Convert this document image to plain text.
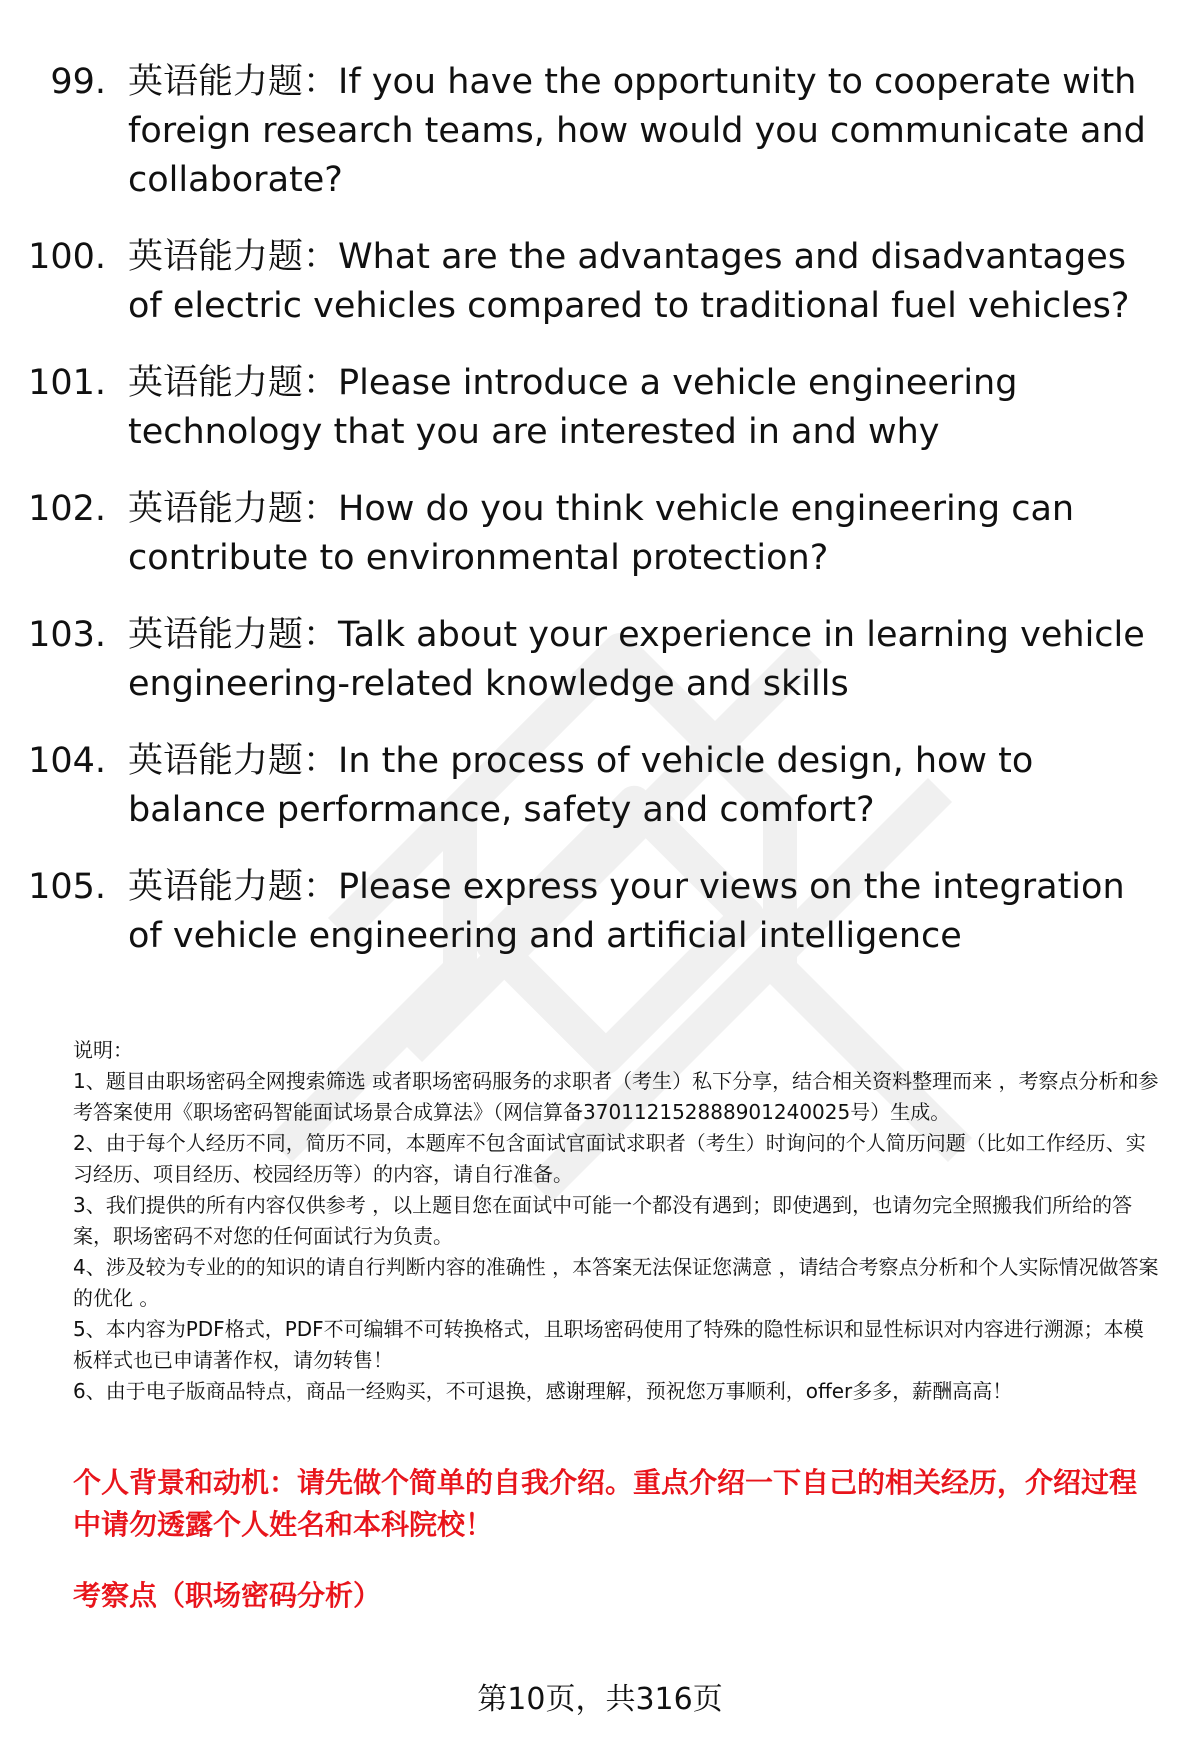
99. 英语能力题：If you have the opportunity to cooperate with foreign research teams, how would you communicate and collaborate?
100. 英语能力题：What are the advantages and disadvantages of electric vehicles compared to traditional fuel vehicles?
101. 英语能力题：Please introduce a vehicle engineering technology that you are interested in and why
102. 英语能力题：How do you think vehicle engineering can contribute to environmental protection?
103. 英语能力题：Talk about your experience in learning vehicle engineering-related knowledge and skills
104. 英语能力题：In the process of vehicle design, how to balance performance, safety and comfort?
105. 英语能力题：Please express your views on the integration of vehicle engineering and artificial intelligence

说明：

1、题目由职场密码全网搜索筛选 或者职场密码服务的求职者（考生）私下分享，结合相关资料整理而来 ，考察点分析和参考答案使用《职场密码智能面试场景合成算法》（网信算备370112152888901240025号）生成。

2、由于每个人经历不同，简历不同，本题库不包含面试官面试求职者（考生）时询问的个人简历问题（比如工作经历、实习经历、项目经历、校园经历等）的内容，请自行准备。

3、我们提供的所有内容仅供参考 ，以上题目您在面试中可能一个都没有遇到；即使遇到，也请勿完全照搬我们所给的答案，职场密码不对您的任何面试行为负责。

4、涉及较为专业的的知识的请自行判断内容的准确性 ，本答案无法保证您满意 ，请结合考察点分析和个人实际情况做答案的优化 。

5、本内容为PDF格式，PDF不可编辑不可转换格式，且职场密码使用了特殊的隐性标识和显性标识对内容进行溯源；本模板样式也已申请著作权，请勿转售！

6、由于电子版商品特点，商品一经购买，不可退换，感谢理解，预祝您万事顺利，offer多多，薪酬高高！

个人背景和动机：请先做个简单的自我介绍。重点介绍一下自己的相关经历，介绍过程中请勿透露个人姓名和本科院校！
考察点（职场密码分析）
第10页，共316页
